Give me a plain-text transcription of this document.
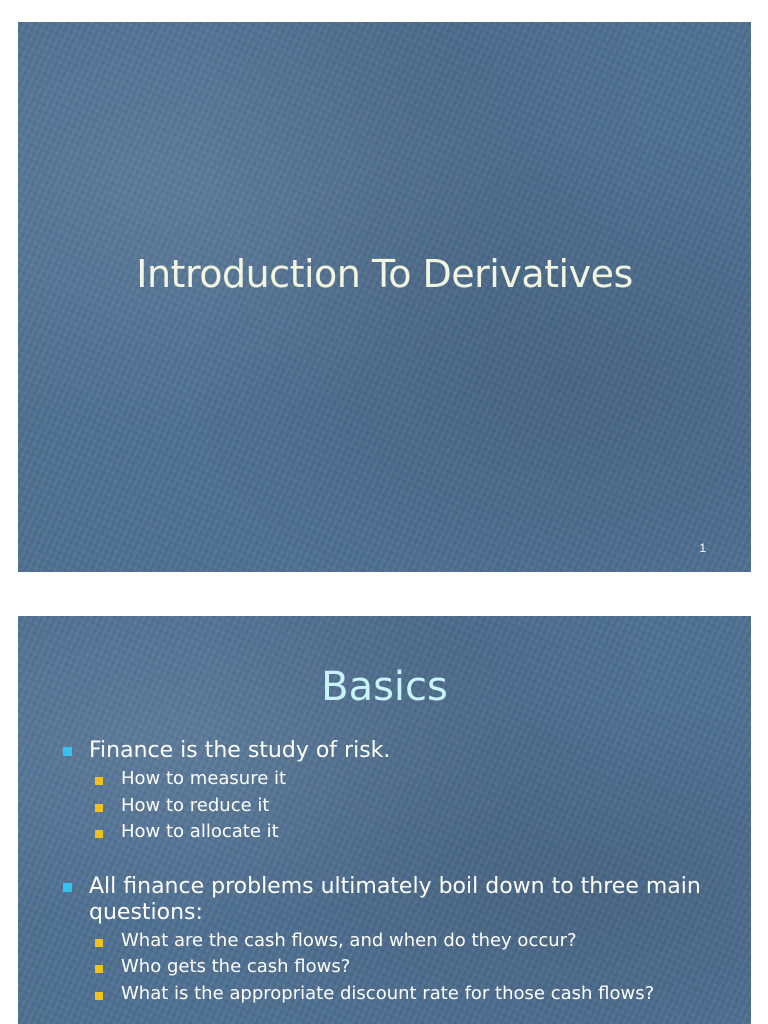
Introduction To Derivatives
1
Basics
Finance is the study of risk.
How to measure it
How to reduce it
How to allocate it
All finance problems ultimately boil down to three main questions:
What are the cash flows, and when do they occur?
Who gets the cash flows?
What is the appropriate discount rate for those cash flows?
